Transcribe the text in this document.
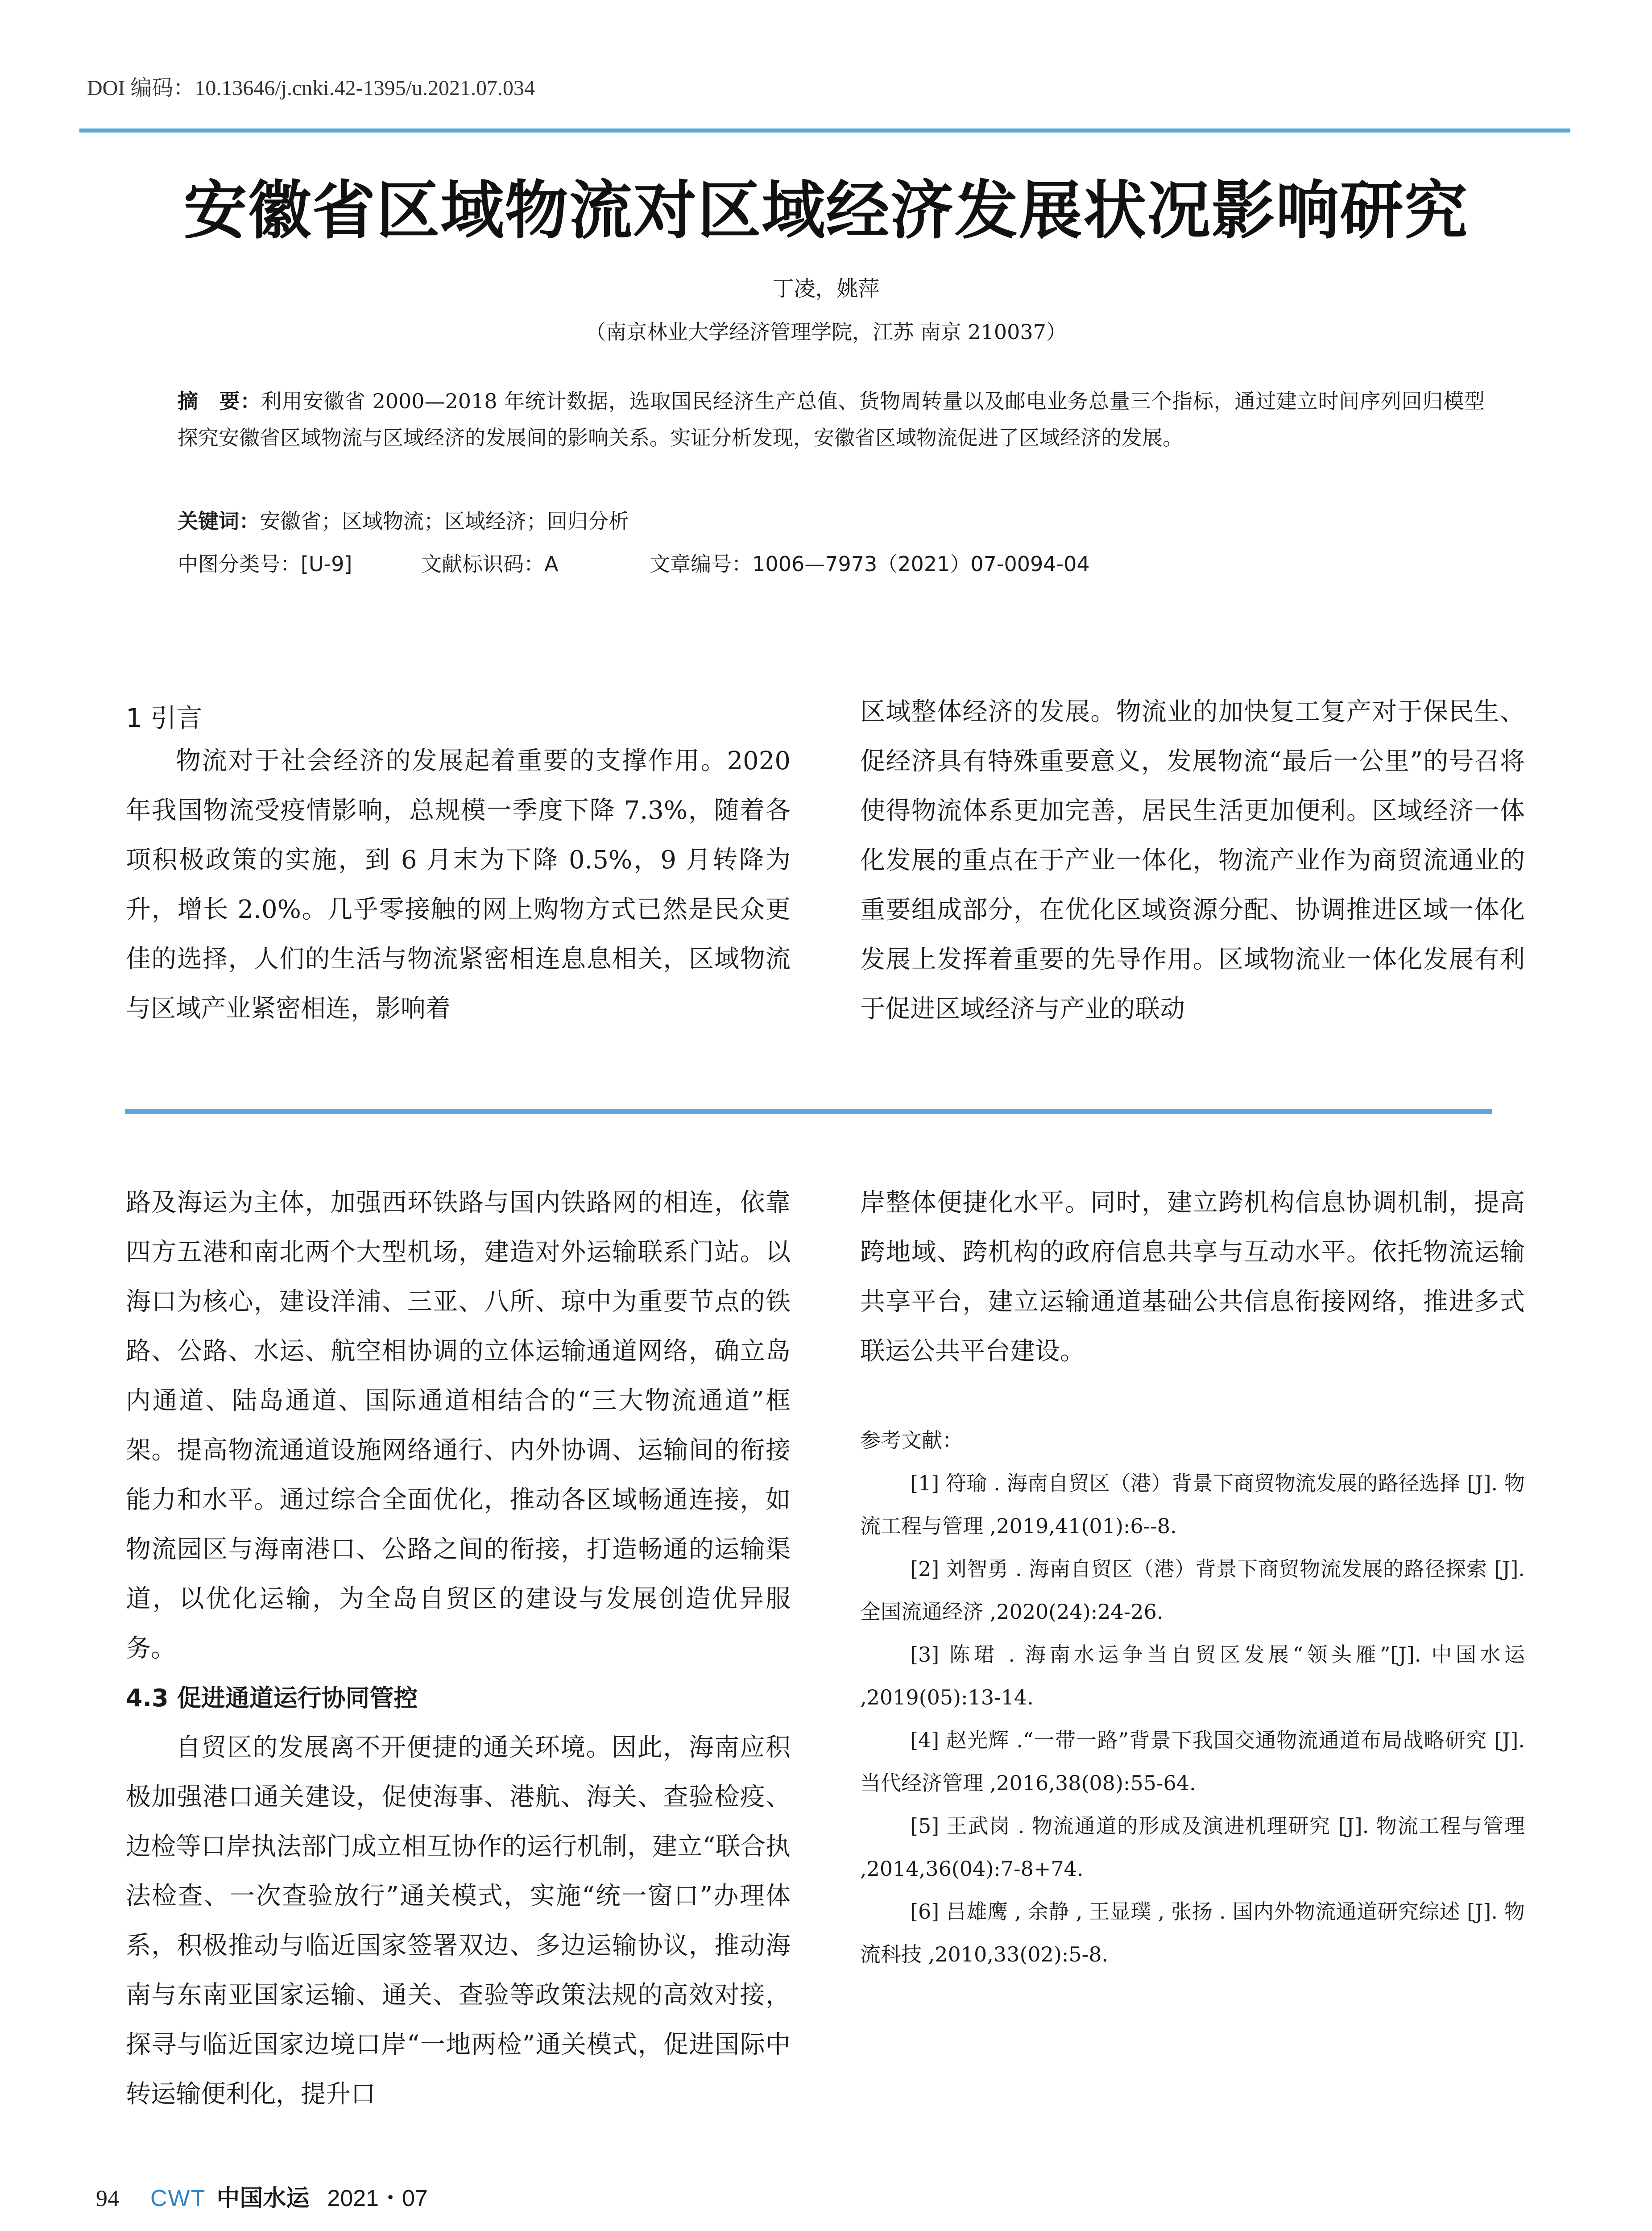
DOI 编码：10.13646/j.cnki.42-1395/u.2021.07.034
安徽省区域物流对区域经济发展状况影响研究
丁凌，姚萍
（南京林业大学经济管理学院，江苏 南京 210037）
摘　要：利用安徽省 2000—2018 年统计数据，选取国民经济生产总值、货物周转量以及邮电业务总量三个指标，通过建立时间序列回归模型探究安徽省区域物流与区域经济的发展间的影响关系。实证分析发现，安徽省区域物流促进了区域经济的发展。
关键词：安徽省；区域物流；区域经济；回归分析
中图分类号：[U-9]	文献标识码：A	文章编号：1006—7973（2021）07-0094-04
1 引言

物流对于社会经济的发展起着重要的支撑作用。2020 年我国物流受疫情影响，总规模一季度下降 7.3%，随着各项积极政策的实施，到 6 月末为下降 0.5%，9 月转降为升，增长 2.0%。几乎零接触的网上购物方式已然是民众更佳的选择，人们的生活与物流紧密相连息息相关，区域物流与区域产业紧密相连，影响着

区域整体经济的发展。物流业的加快复工复产对于保民生、促经济具有特殊重要意义，发展物流“最后一公里”的号召将使得物流体系更加完善，居民生活更加便利。区域经济一体化发展的重点在于产业一体化，物流产业作为商贸流通业的重要组成部分，在优化区域资源分配、协调推进区域一体化发展上发挥着重要的先导作用。区域物流业一体化发展有利于促进区域经济与产业的联动

路及海运为主体，加强西环铁路与国内铁路网的相连，依靠四方五港和南北两个大型机场，建造对外运输联系门站。以海口为核心，建设洋浦、三亚、八所、琼中为重要节点的铁路、公路、水运、航空相协调的立体运输通道网络，确立岛内通道、陆岛通道、国际通道相结合的“三大物流通道”框架。提高物流通道设施网络通行、内外协调、运输间的衔接能力和水平。通过综合全面优化，推动各区域畅通连接，如物流园区与海南港口、公路之间的衔接，打造畅通的运输渠道，以优化运输，为全岛自贸区的建设与发展创造优异服务。

4.3 促进通道运行协同管控

自贸区的发展离不开便捷的通关环境。因此，海南应积极加强港口通关建设，促使海事、港航、海关、查验检疫、边检等口岸执法部门成立相互协作的运行机制，建立“联合执法检查、一次查验放行”通关模式，实施“统一窗口”办理体系，积极推动与临近国家签署双边、多边运输协议，推动海南与东南亚国家运输、通关、查验等政策法规的高效对接，探寻与临近国家边境口岸“一地两检”通关模式，促进国际中转运输便利化，提升口

岸整体便捷化水平。同时，建立跨机构信息协调机制，提高跨地域、跨机构的政府信息共享与互动水平。依托物流运输共享平台，建立运输通道基础公共信息衔接网络，推进多式联运公共平台建设。

参考文献：

[1] 符瑜 . 海南自贸区（港）背景下商贸物流发展的路径选择 [J]. 物流工程与管理 ,2019,41(01):6--8.

[2] 刘智勇 . 海南自贸区（港）背景下商贸物流发展的路径探索 [J]. 全国流通经济 ,2020(24):24-26.

[3] 陈珺 . 海南水运争当自贸区发展“领头雁”[J]. 中国水运 ,2019(05):13-14.

[4] 赵光辉 .“一带一路”背景下我国交通物流通道布局战略研究 [J]. 当代经济管理 ,2016,38(08):55-64.

[5] 王武岗 . 物流通道的形成及演进机理研究 [J]. 物流工程与管理 ,2014,36(04):7-8+74.

[6] 吕雄鹰 , 余静 , 王显璞 , 张扬 . 国内外物流通道研究综述 [J]. 物流科技 ,2010,33(02):5-8.

94 CWT 中国水运 2021・07
